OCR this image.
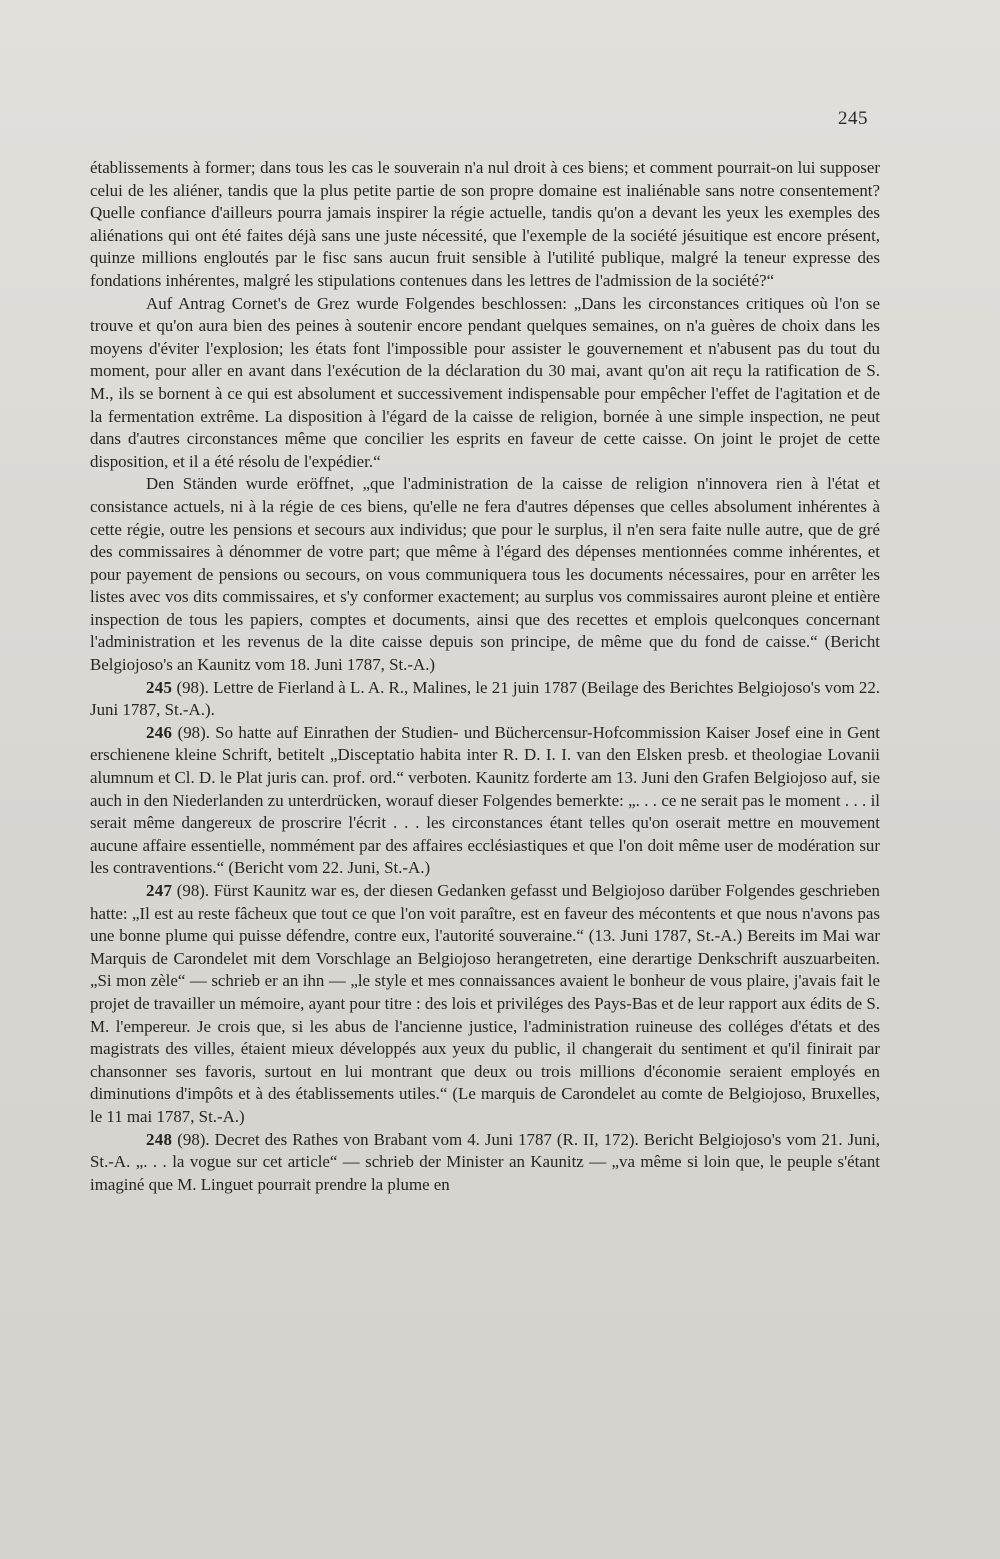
245

établissements à former; dans tous les cas le souverain n'a nul droit à ces biens; et comment pourrait-on lui supposer celui de les aliéner, tandis que la plus petite partie de son propre domaine est inaliénable sans notre consentement? Quelle confiance d'ailleurs pourra jamais inspirer la régie actuelle, tandis qu'on a devant les yeux les exemples des aliénations qui ont été faites déjà sans une juste nécessité, que l'exemple de la société jésuitique est encore présent, quinze millions engloutés par le fisc sans aucun fruit sensible à l'utilité publique, malgré la teneur expresse des fondations inhérentes, malgré les stipulations contenues dans les lettres de l'admission de la société?“

Auf Antrag Cornet's de Grez wurde Folgendes beschlossen: „Dans les circonstances critiques où l'on se trouve et qu'on aura bien des peines à soutenir encore pendant quelques semaines, on n'a guères de choix dans les moyens d'éviter l'explosion; les états font l'impossible pour assister le gouvernement et n'abusent pas du tout du moment, pour aller en avant dans l'exécution de la déclaration du 30 mai, avant qu'on ait reçu la ratification de S. M., ils se bornent à ce qui est absolument et successivement indispensable pour empêcher l'effet de l'agitation et de la fermentation extrême. La disposition à l'égard de la caisse de religion, bornée à une simple inspection, ne peut dans d'autres circonstances même que concilier les esprits en faveur de cette caisse. On joint le projet de cette disposition, et il a été résolu de l'expédier.“

Den Ständen wurde eröffnet, „que l'administration de la caisse de religion n'innovera rien à l'état et consistance actuels, ni à la régie de ces biens, qu'elle ne fera d'autres dépenses que celles absolument inhérentes à cette régie, outre les pensions et secours aux individus; que pour le surplus, il n'en sera faite nulle autre, que de gré des commissaires à dénommer de votre part; que même à l'égard des dépenses mentionnées comme inhérentes, et pour payement de pensions ou secours, on vous communiquera tous les documents nécessaires, pour en arrêter les listes avec vos dits commissaires, et s'y conformer exactement; au surplus vos commissaires auront pleine et entière inspection de tous les papiers, comptes et documents, ainsi que des recettes et emplois quelconques concernant l'administration et les revenus de la dite caisse depuis son principe, de même que du fond de caisse.“ (Bericht Belgiojoso's an Kaunitz vom 18. Juni 1787, St.-A.)

245 (98). Lettre de Fierland à L. A. R., Malines, le 21 juin 1787 (Beilage des Berichtes Belgiojoso's vom 22. Juni 1787, St.-A.).

246 (98). So hatte auf Einrathen der Studien- und Büchercensur-Hofcommission Kaiser Josef eine in Gent erschienene kleine Schrift, betitelt „Disceptatio habita inter R. D. I. I. van den Elsken presb. et theologiae Lovanii alumnum et Cl. D. le Plat juris can. prof. ord.“ verboten. Kaunitz forderte am 13. Juni den Grafen Belgiojoso auf, sie auch in den Niederlanden zu unterdrücken, worauf dieser Folgendes bemerkte: „. . . ce ne serait pas le moment . . . il serait même dangereux de proscrire l'écrit . . . les circonstances étant telles qu'on oserait mettre en mouvement aucune affaire essentielle, nommément par des affaires ecclésiastiques et que l'on doit même user de modération sur les contraventions.“ (Bericht vom 22. Juni, St.-A.)

247 (98). Fürst Kaunitz war es, der diesen Gedanken gefasst und Belgiojoso darüber Folgendes geschrieben hatte: „Il est au reste fâcheux que tout ce que l'on voit paraître, est en faveur des mécontents et que nous n'avons pas une bonne plume qui puisse défendre, contre eux, l'autorité souveraine.“ (13. Juni 1787, St.-A.) Bereits im Mai war Marquis de Carondelet mit dem Vorschlage an Belgiojoso herangetreten, eine derartige Denkschrift auszuarbeiten. „Si mon zèle“ — schrieb er an ihn — „le style et mes connaissances avaient le bonheur de vous plaire, j'avais fait le projet de travailler un mémoire, ayant pour titre : des lois et priviléges des Pays-Bas et de leur rapport aux édits de S. M. l'empereur. Je crois que, si les abus de l'ancienne justice, l'administration ruineuse des colléges d'états et des magistrats des villes, étaient mieux développés aux yeux du public, il changerait du sentiment et qu'il finirait par chansonner ses favoris, surtout en lui montrant que deux ou trois millions d'économie seraient employés en diminutions d'impôts et à des établissements utiles.“ (Le marquis de Carondelet au comte de Belgiojoso, Bruxelles, le 11 mai 1787, St.-A.)

248 (98). Decret des Rathes von Brabant vom 4. Juni 1787 (R. II, 172). Bericht Belgiojoso's vom 21. Juni, St.-A. „. . . la vogue sur cet article“ — schrieb der Minister an Kaunitz — „va même si loin que, le peuple s'étant imaginé que M. Linguet pourrait prendre la plume en
